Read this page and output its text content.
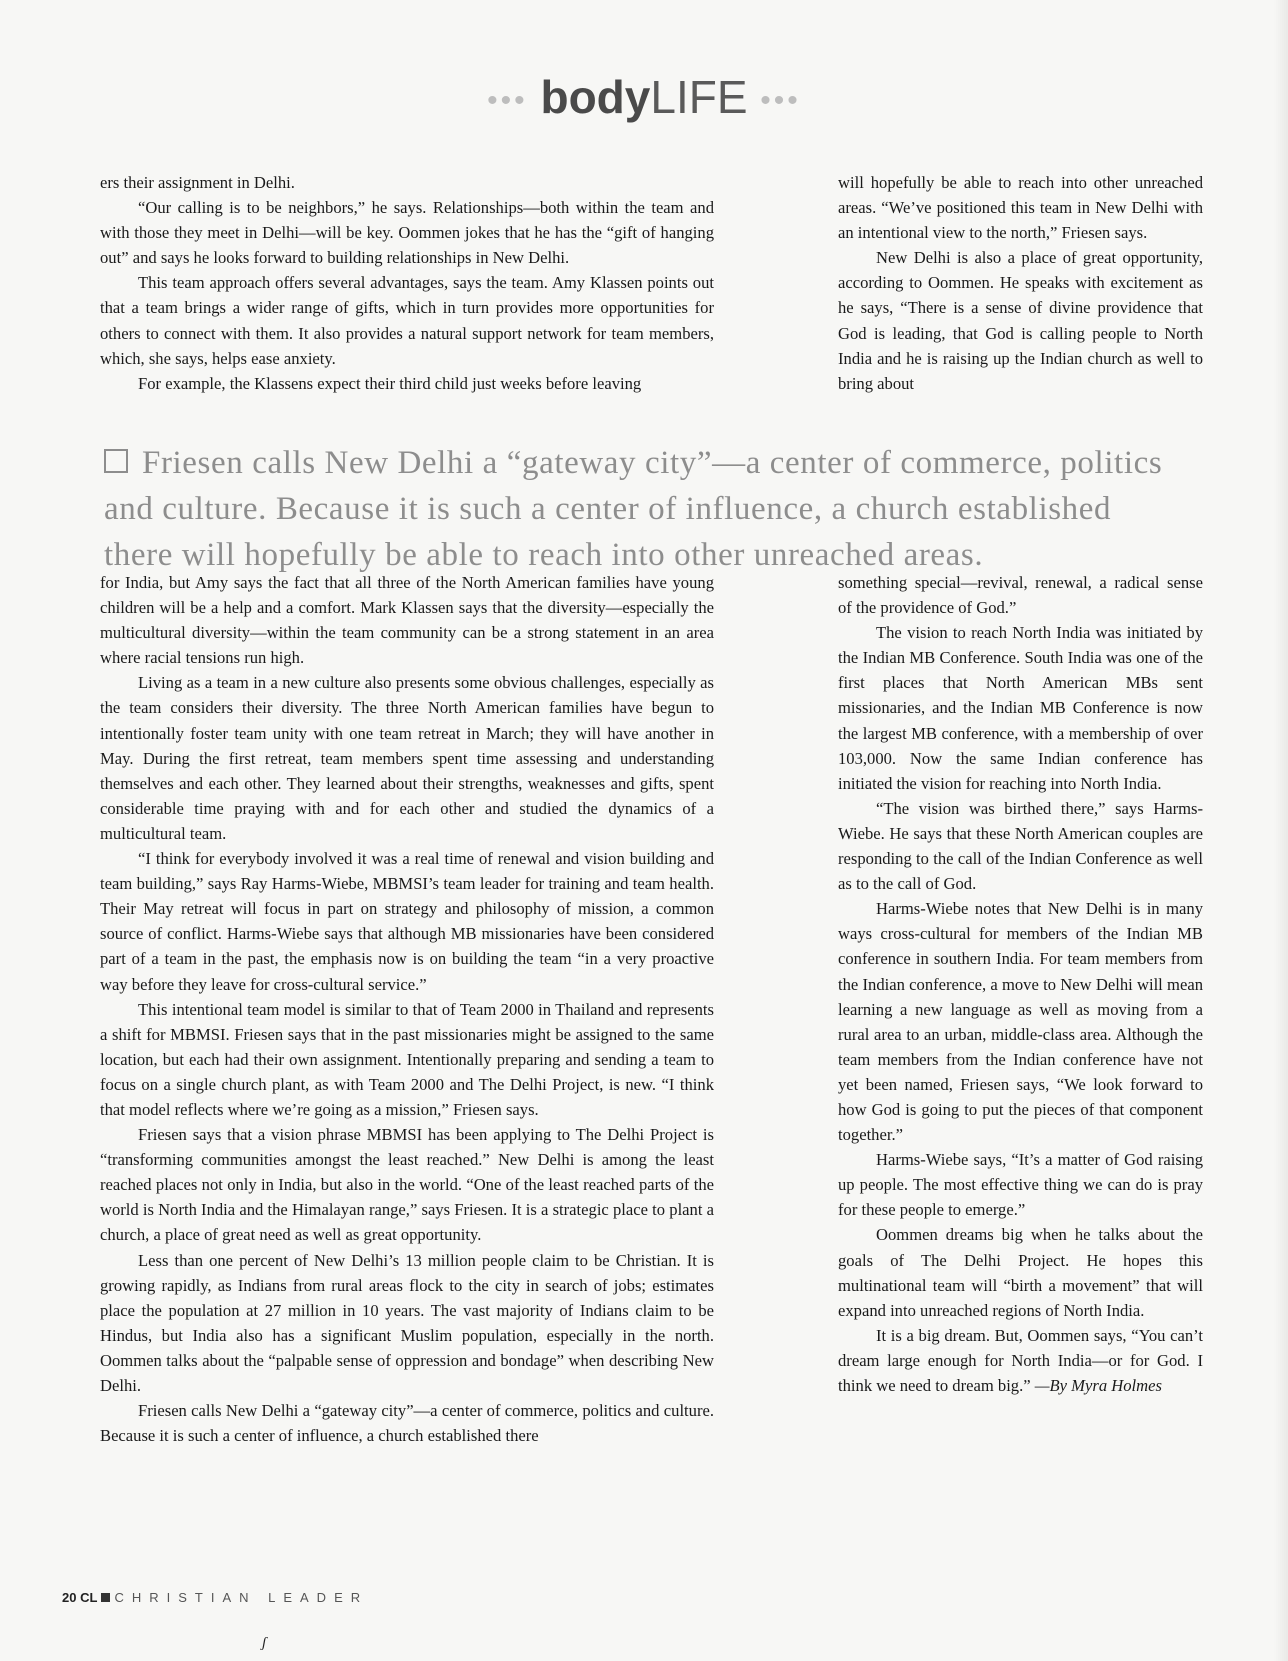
••• bodyLIFE •••

ers their assignment in Delhi.

“Our calling is to be neighbors,” he says. Relationships—both within the team and with those they meet in Delhi—will be key. Oommen jokes that he has the “gift of hanging out” and says he looks forward to building relationships in New Delhi.

This team approach offers several advantages, says the team. Amy Klassen points out that a team brings a wider range of gifts, which in turn provides more opportunities for others to connect with them. It also provides a natural support network for team members, which, she says, helps ease anxiety.

For example, the Klassens expect their third child just weeks before leaving

will hopefully be able to reach into other unreached areas. “We’ve positioned this team in New Delhi with an intentional view to the north,” Friesen says.

New Delhi is also a place of great opportunity, according to Oommen. He speaks with excitement as he says, “There is a sense of divine providence that God is leading, that God is calling people to North India and he is raising up the Indian church as well to bring about

Friesen calls New Delhi a “gateway city”—a center of commerce, politics and culture. Because it is such a center of influence, a church established there will hopefully be able to reach into other unreached areas.

for India, but Amy says the fact that all three of the North American families have young children will be a help and a comfort. Mark Klassen says that the diversity—especially the multicultural diversity—within the team community can be a strong statement in an area where racial tensions run high.

Living as a team in a new culture also presents some obvious challenges, especially as the team considers their diversity. The three North American families have begun to intentionally foster team unity with one team retreat in March; they will have another in May. During the first retreat, team members spent time assessing and understanding themselves and each other. They learned about their strengths, weaknesses and gifts, spent considerable time praying with and for each other and studied the dynamics of a multicultural team.

“I think for everybody involved it was a real time of renewal and vision building and team building,” says Ray Harms-Wiebe, MBMSI’s team leader for training and team health. Their May retreat will focus in part on strategy and philosophy of mission, a common source of conflict. Harms-Wiebe says that although MB missionaries have been considered part of a team in the past, the emphasis now is on building the team “in a very proactive way before they leave for cross-cultural service.”

This intentional team model is similar to that of Team 2000 in Thailand and represents a shift for MBMSI. Friesen says that in the past missionaries might be assigned to the same location, but each had their own assignment. Intentionally preparing and sending a team to focus on a single church plant, as with Team 2000 and The Delhi Project, is new. “I think that model reflects where we’re going as a mission,” Friesen says.

Friesen says that a vision phrase MBMSI has been applying to The Delhi Project is “transforming communities amongst the least reached.” New Delhi is among the least reached places not only in India, but also in the world. “One of the least reached parts of the world is North India and the Himalayan range,” says Friesen. It is a strategic place to plant a church, a place of great need as well as great opportunity.

Less than one percent of New Delhi’s 13 million people claim to be Christian. It is growing rapidly, as Indians from rural areas flock to the city in search of jobs; estimates place the population at 27 million in 10 years. The vast majority of Indians claim to be Hindus, but India also has a significant Muslim population, especially in the north. Oommen talks about the “palpable sense of oppression and bondage” when describing New Delhi.

Friesen calls New Delhi a “gateway city”—a center of commerce, politics and culture. Because it is such a center of influence, a church established there

something special—revival, renewal, a radical sense of the providence of God.”

The vision to reach North India was initiated by the Indian MB Conference. South India was one of the first places that North American MBs sent missionaries, and the Indian MB Conference is now the largest MB conference, with a membership of over 103,000. Now the same Indian conference has initiated the vision for reaching into North India.

“The vision was birthed there,” says Harms-Wiebe. He says that these North American couples are responding to the call of the Indian Conference as well as to the call of God.

Harms-Wiebe notes that New Delhi is in many ways cross-cultural for members of the Indian MB conference in southern India. For team members from the Indian conference, a move to New Delhi will mean learning a new language as well as moving from a rural area to an urban, middle-class area. Although the team members from the Indian conference have not yet been named, Friesen says, “We look forward to how God is going to put the pieces of that component together.”

Harms-Wiebe says, “It’s a matter of God raising up people. The most effective thing we can do is pray for these people to emerge.”

Oommen dreams big when he talks about the goals of The Delhi Project. He hopes this multinational team will “birth a movement” that will expand into unreached regions of North India.

It is a big dream. But, Oommen says, “You can’t dream large enough for North India—or for God. I think we need to dream big.” —By Myra Holmes

20 CL CHRISTIAN LEADER
ʃ
